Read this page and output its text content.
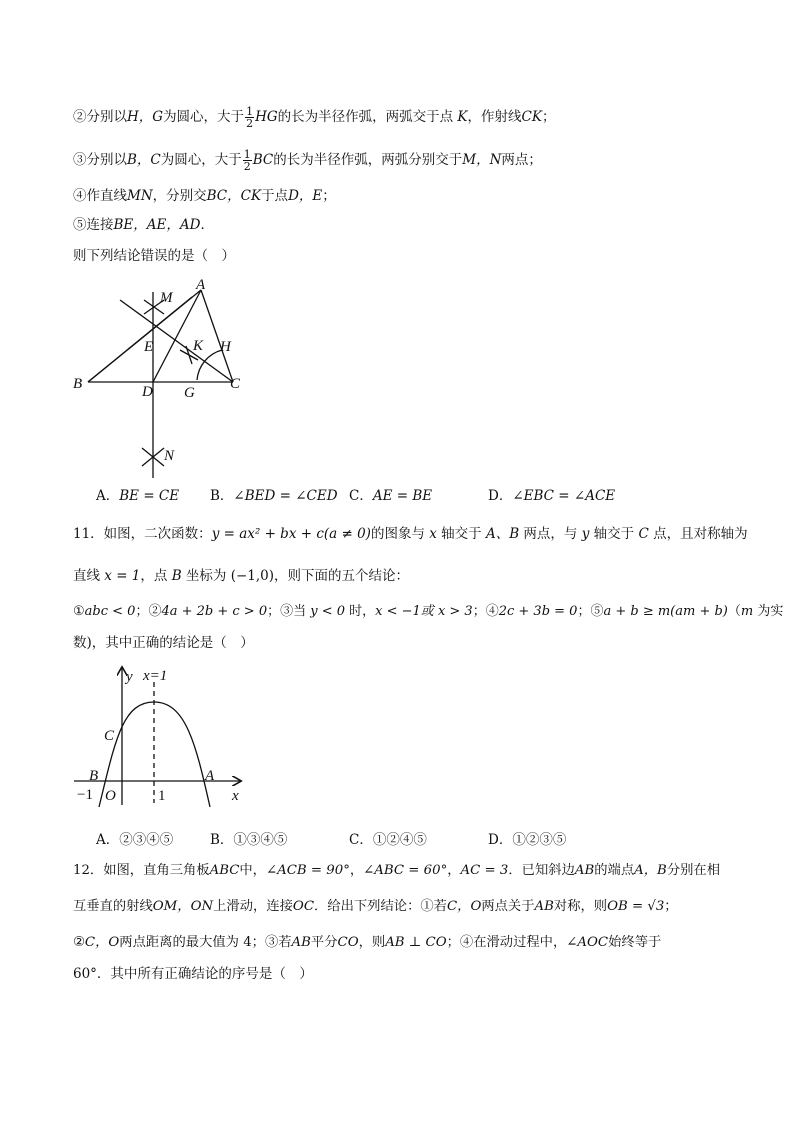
②分别以H，G为圆心，大于 $\frac{1}{2}$ HG的长为半径作弧，两弧交于点 K，作射线CK；
③分别以B，C为圆心，大于 $\frac{1}{2}$ BC的长为半径作弧，两弧分别交于M，N两点；
④作直线MN，分别交BC，CK于点D，E；
⑤连接BE，AE，AD．
则下列结论错误的是（　）
A
M
E	K H
B	D G
C
N
A．BE = CE B．∠BED = ∠CED C．AE = BE	D．∠EBC = ∠ACE
11．如图，二次函数：y = ax² + bx + c(a ≠ 0)的图象与 x 轴交于 A、B 两点，与 y 轴交于 C 点，且对称轴为
直线 x = 1，点 B 坐标为 (−1,0)，则下面的五个结论：
①abc < 0；②4a + 2b + c > 0；③当 y < 0 时，x < −1或 x > 3；④2c + 3b = 0；⑤a + b ≥ m(am + b)（m 为实
数)，其中正确的结论是（　）
y x=1
C
B	A
−1 O	1	x
A．②③④⑤	B．①③④⑤	C．①②④⑤	D．①②③⑤
12．如图，直角三角板ABC中，∠ACB = 90°，∠ABC = 60°，AC = 3．已知斜边AB的端点A，B分别在相
互垂直的射线OM，ON上滑动，连接OC．给出下列结论：①若C，O两点关于AB对称，则OB = √3；
②C，O两点距离的最大值为 4；③若AB平分CO，则AB ⊥ CO；④在滑动过程中，∠AOC始终等于
60°．其中所有正确结论的序号是（　）
